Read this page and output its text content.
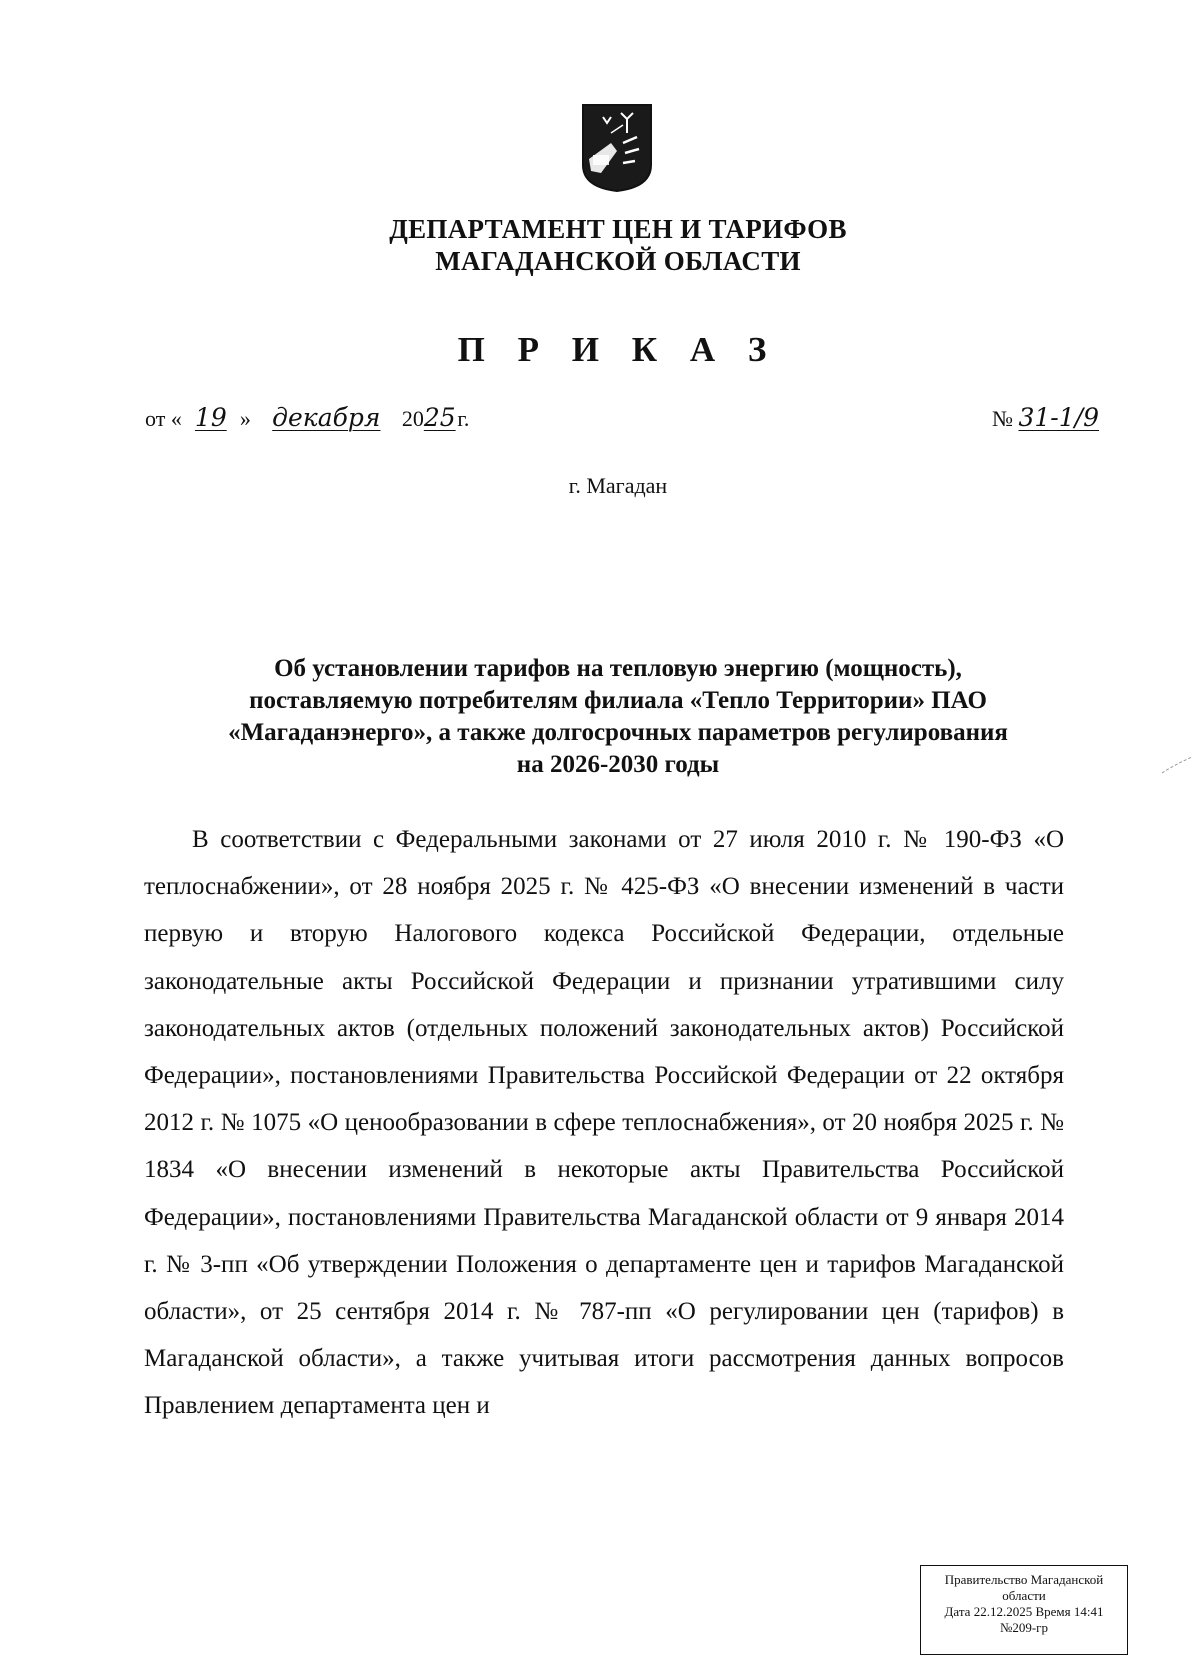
ДЕПАРТАМЕНТ ЦЕН И ТАРИФОВ
МАГАДАНСКОЙ ОБЛАСТИ
П Р И К А З
от « 19 » декабря 2025 г.	№ 31-1/9
г. Магадан
Об установлении тарифов на тепловую энергию (мощность),
поставляемую потребителям филиала «Тепло Территории» ПАО
«Магаданэнерго», а также долгосрочных параметров регулирования
на 2026-2030 годы

В соответствии с Федеральными законами от 27 июля 2010 г. № 190-ФЗ «О теплоснабжении», от 28 ноября 2025 г. № 425-ФЗ «О внесении изменений в части первую и вторую Налогового кодекса Российской Федерации, отдельные законодательные акты Российской Федерации и признании утратившими силу законодательных актов (отдельных положений законодательных актов) Российской Федерации», постановлениями Правительства Российской Федерации от 22 октября 2012 г. № 1075 «О ценообразовании в сфере теплоснабжения», от 20 ноября 2025 г. № 1834 «О внесении изменений в некоторые акты Правительства Российской Федерации», постановлениями Правительства Магаданской области от 9 января 2014 г. № 3-пп «Об утверждении Положения о департаменте цен и тарифов Магаданской области», от 25 сентября 2014 г. № 787-пп «О регулировании цен (тарифов) в Магаданской области», а также учитывая итоги рассмотрения данных вопросов Правлением департамента цен и

Правительство Магаданской
области
Дата 22.12.2025 Время 14:41
№209-гр
